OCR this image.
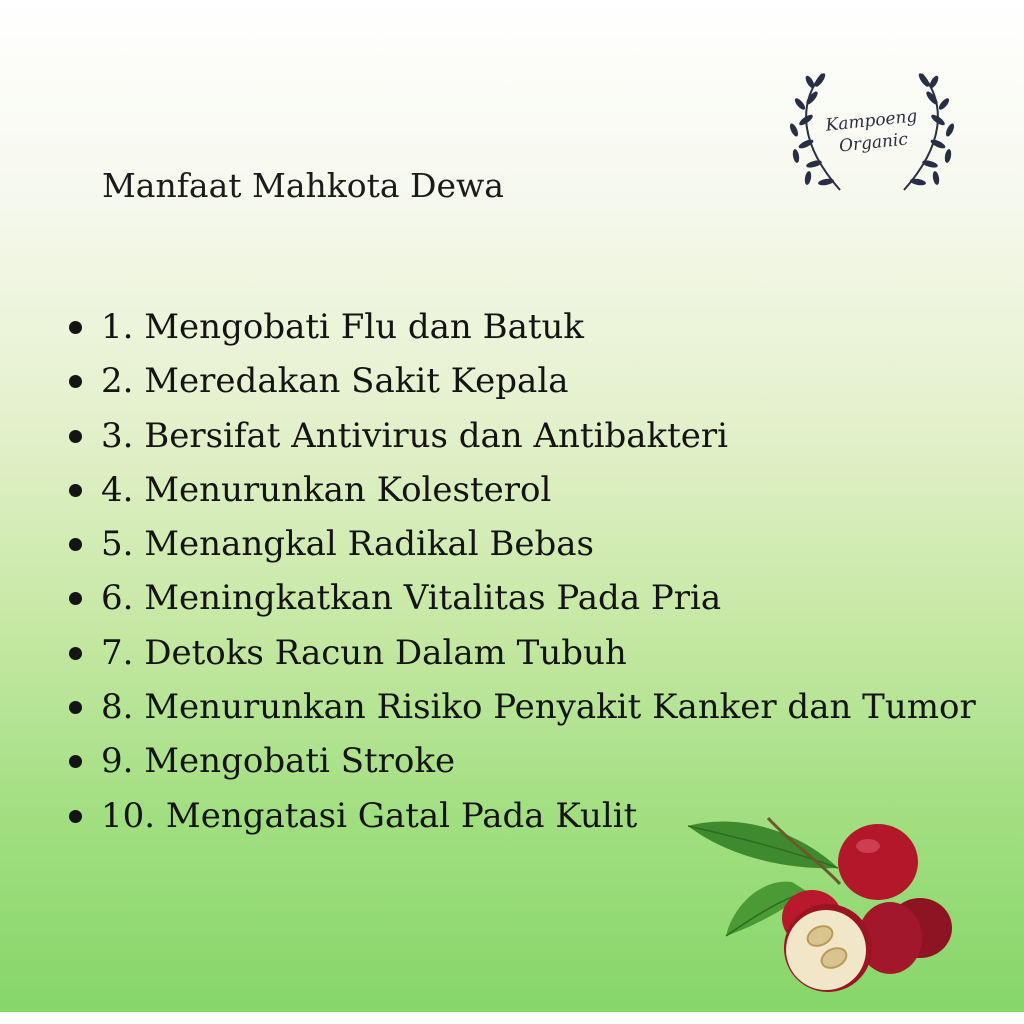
Manfaat Mahkota Dewa
1. Mengobati Flu dan Batuk
2. Meredakan Sakit Kepala
3. Bersifat Antivirus dan Antibakteri
4. Menurunkan Kolesterol
5. Menangkal Radikal Bebas
6. Meningkatkan Vitalitas Pada Pria
7. Detoks Racun Dalam Tubuh
8. Menurunkan Risiko Penyakit Kanker dan Tumor
9. Mengobati Stroke
10. Mengatasi Gatal Pada Kulit
Kampoeng
Organic
